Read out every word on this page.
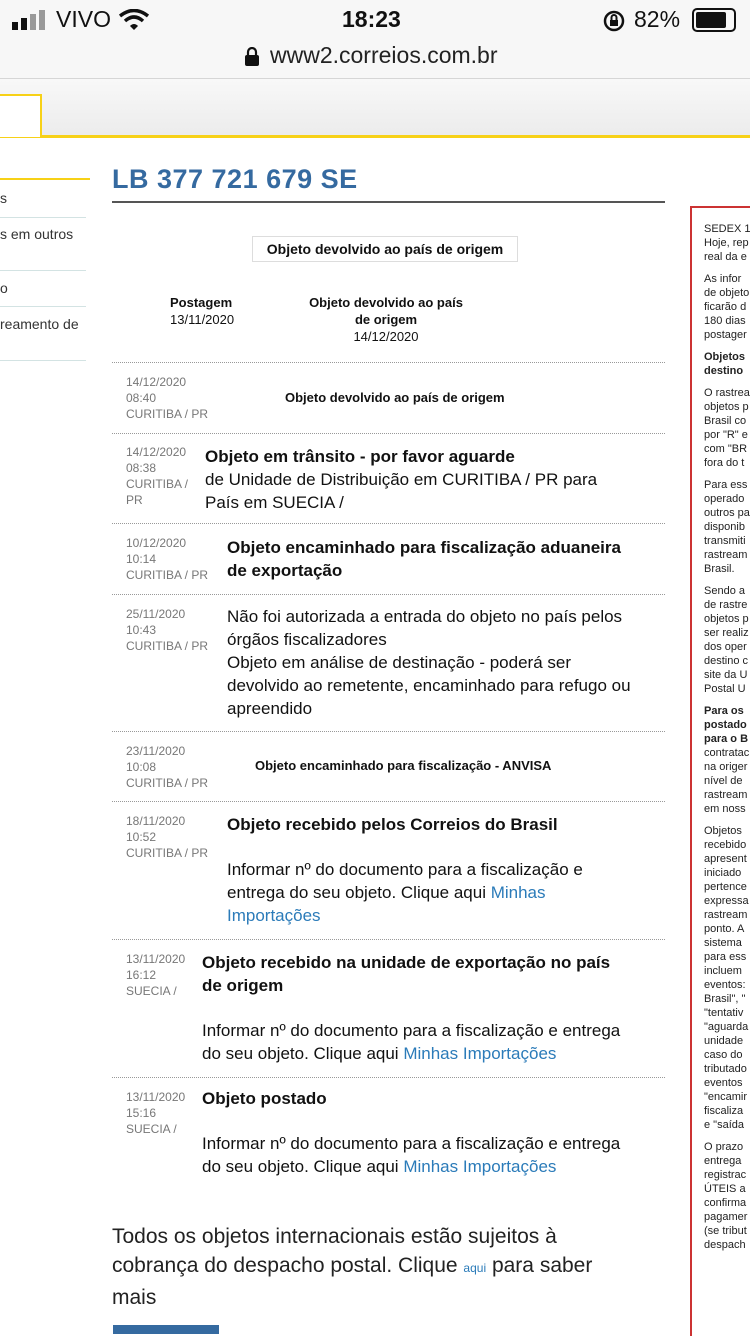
VIVO	18:23	82%
www2.correios.com.br
s
s em outros
o
reamento de
LB 377 721 679 SE
Objeto devolvido ao país de origem
Postagem
13/11/2020
Objeto devolvido ao país
de origem
14/12/2020
14/12/2020
08:40
CURITIBA / PR
Objeto devolvido ao país de origem
14/12/2020
08:38
CURITIBA /
PR
Objeto em trânsito - por favor aguarde
de Unidade de Distribuição em CURITIBA / PR para
País em SUECIA /
10/12/2020
10:14
CURITIBA / PR
Objeto encaminhado para fiscalização aduaneira
de exportação
25/11/2020
10:43
CURITIBA / PR
Não foi autorizada a entrada do objeto no país pelos
órgãos fiscalizadores
Objeto em análise de destinação - poderá ser
devolvido ao remetente, encaminhado para refugo ou
apreendido
23/11/2020
10:08
CURITIBA / PR
Objeto encaminhado para fiscalização - ANVISA
18/11/2020
10:52
CURITIBA / PR
Objeto recebido pelos Correios do Brasil
Informar nº do documento para a fiscalização e
entrega do seu objeto. Clique aqui Minhas
Importações
13/11/2020
16:12
SUECIA /
Objeto recebido na unidade de exportação no país
de origem
Informar nº do documento para a fiscalização e entrega
do seu objeto. Clique aqui Minhas Importações
13/11/2020
15:16
SUECIA /
Objeto postado
Informar nº do documento para a fiscalização e entrega
do seu objeto. Clique aqui Minhas Importações
Todos os objetos internacionais estão sujeitos à
cobrança do despacho postal. Clique aqui para saber
mais
SEDEX 1
Hoje, rep
real da e
As infor
de objeto
ficarão d
180 dias
postager
Objetos
destino
O rastrea
objetos p
Brasil co
por "R" e
com "BR
fora do t
Para ess
operado
outros pa
disponib
transmiti
rastream
Brasil.
Sendo a
de rastre
objetos p
ser realiz
dos oper
destino c
site da U
Postal U
Para os
postado
para o B
contratac
na origer
nível de
rastream
em noss
Objetos
recebido
apresent
iniciado
pertence
expressa
rastream
ponto. A
sistema
para ess
incluem
eventos:
Brasil", "
"tentativ
"aguarda
unidade
caso do
tributado
eventos
"encamir
fiscaliza
e "saída
O prazo
entrega
registrac
ÚTEIS a
confirma
pagamer
(se tribut
despach
